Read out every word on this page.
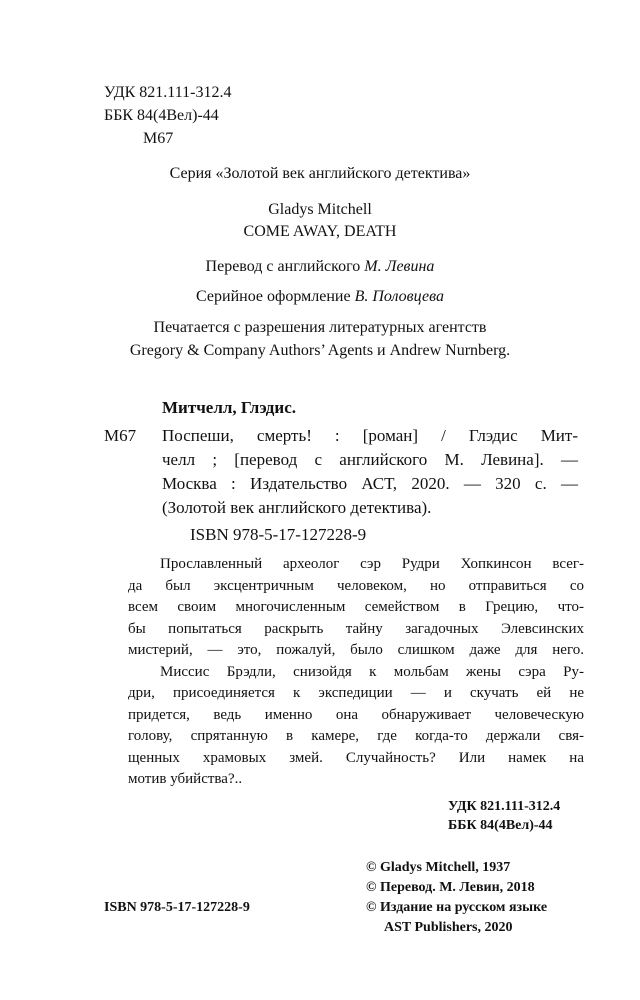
УДК 821.111-312.4
ББК 84(4Вел)-44
М67
Серия «Золотой век английского детектива»
Gladys Mitchell
COME AWAY, DEATH
Перевод с английского М. Левина
Серийное оформление В. Половцева
Печатается с разрешения литературных агентств
Gregory & Company Authors’ Agents и Andrew Nurnberg.
Митчелл, Глэдис.
М67 Поспеши, смерть! : [роман] / Глэдис Мит-
челл ; [перевод с английского М. Левина]. —
Москва : Издательство АСТ, 2020. — 320 с. —
(Золотой век английского детектива).
ISBN 978-5-17-127228-9
Прославленный археолог сэр Рудри Хопкинсон всег-
да был эксцентричным человеком, но отправиться со
всем своим многочисленным семейством в Грецию, что-
бы попытаться раскрыть тайну загадочных Элевсинских
мистерий, — это, пожалуй, было слишком даже для него.
Миссис Брэдли, снизойдя к мольбам жены сэра Ру-
дри, присоединяется к экспедиции — и скучать ей не
придется, ведь именно она обнаруживает человеческую
голову, спрятанную в камере, где когда-то держали свя-
щенных храмовых змей. Случайность? Или намек на
мотив убийства?..
УДК 821.111-312.4
ББК 84(4Вел)-44
ISBN 978-5-17-127228-9
© Gladys Mitchell, 1937
© Перевод. М. Левин, 2018
© Издание на русском языке
AST Publishers, 2020
